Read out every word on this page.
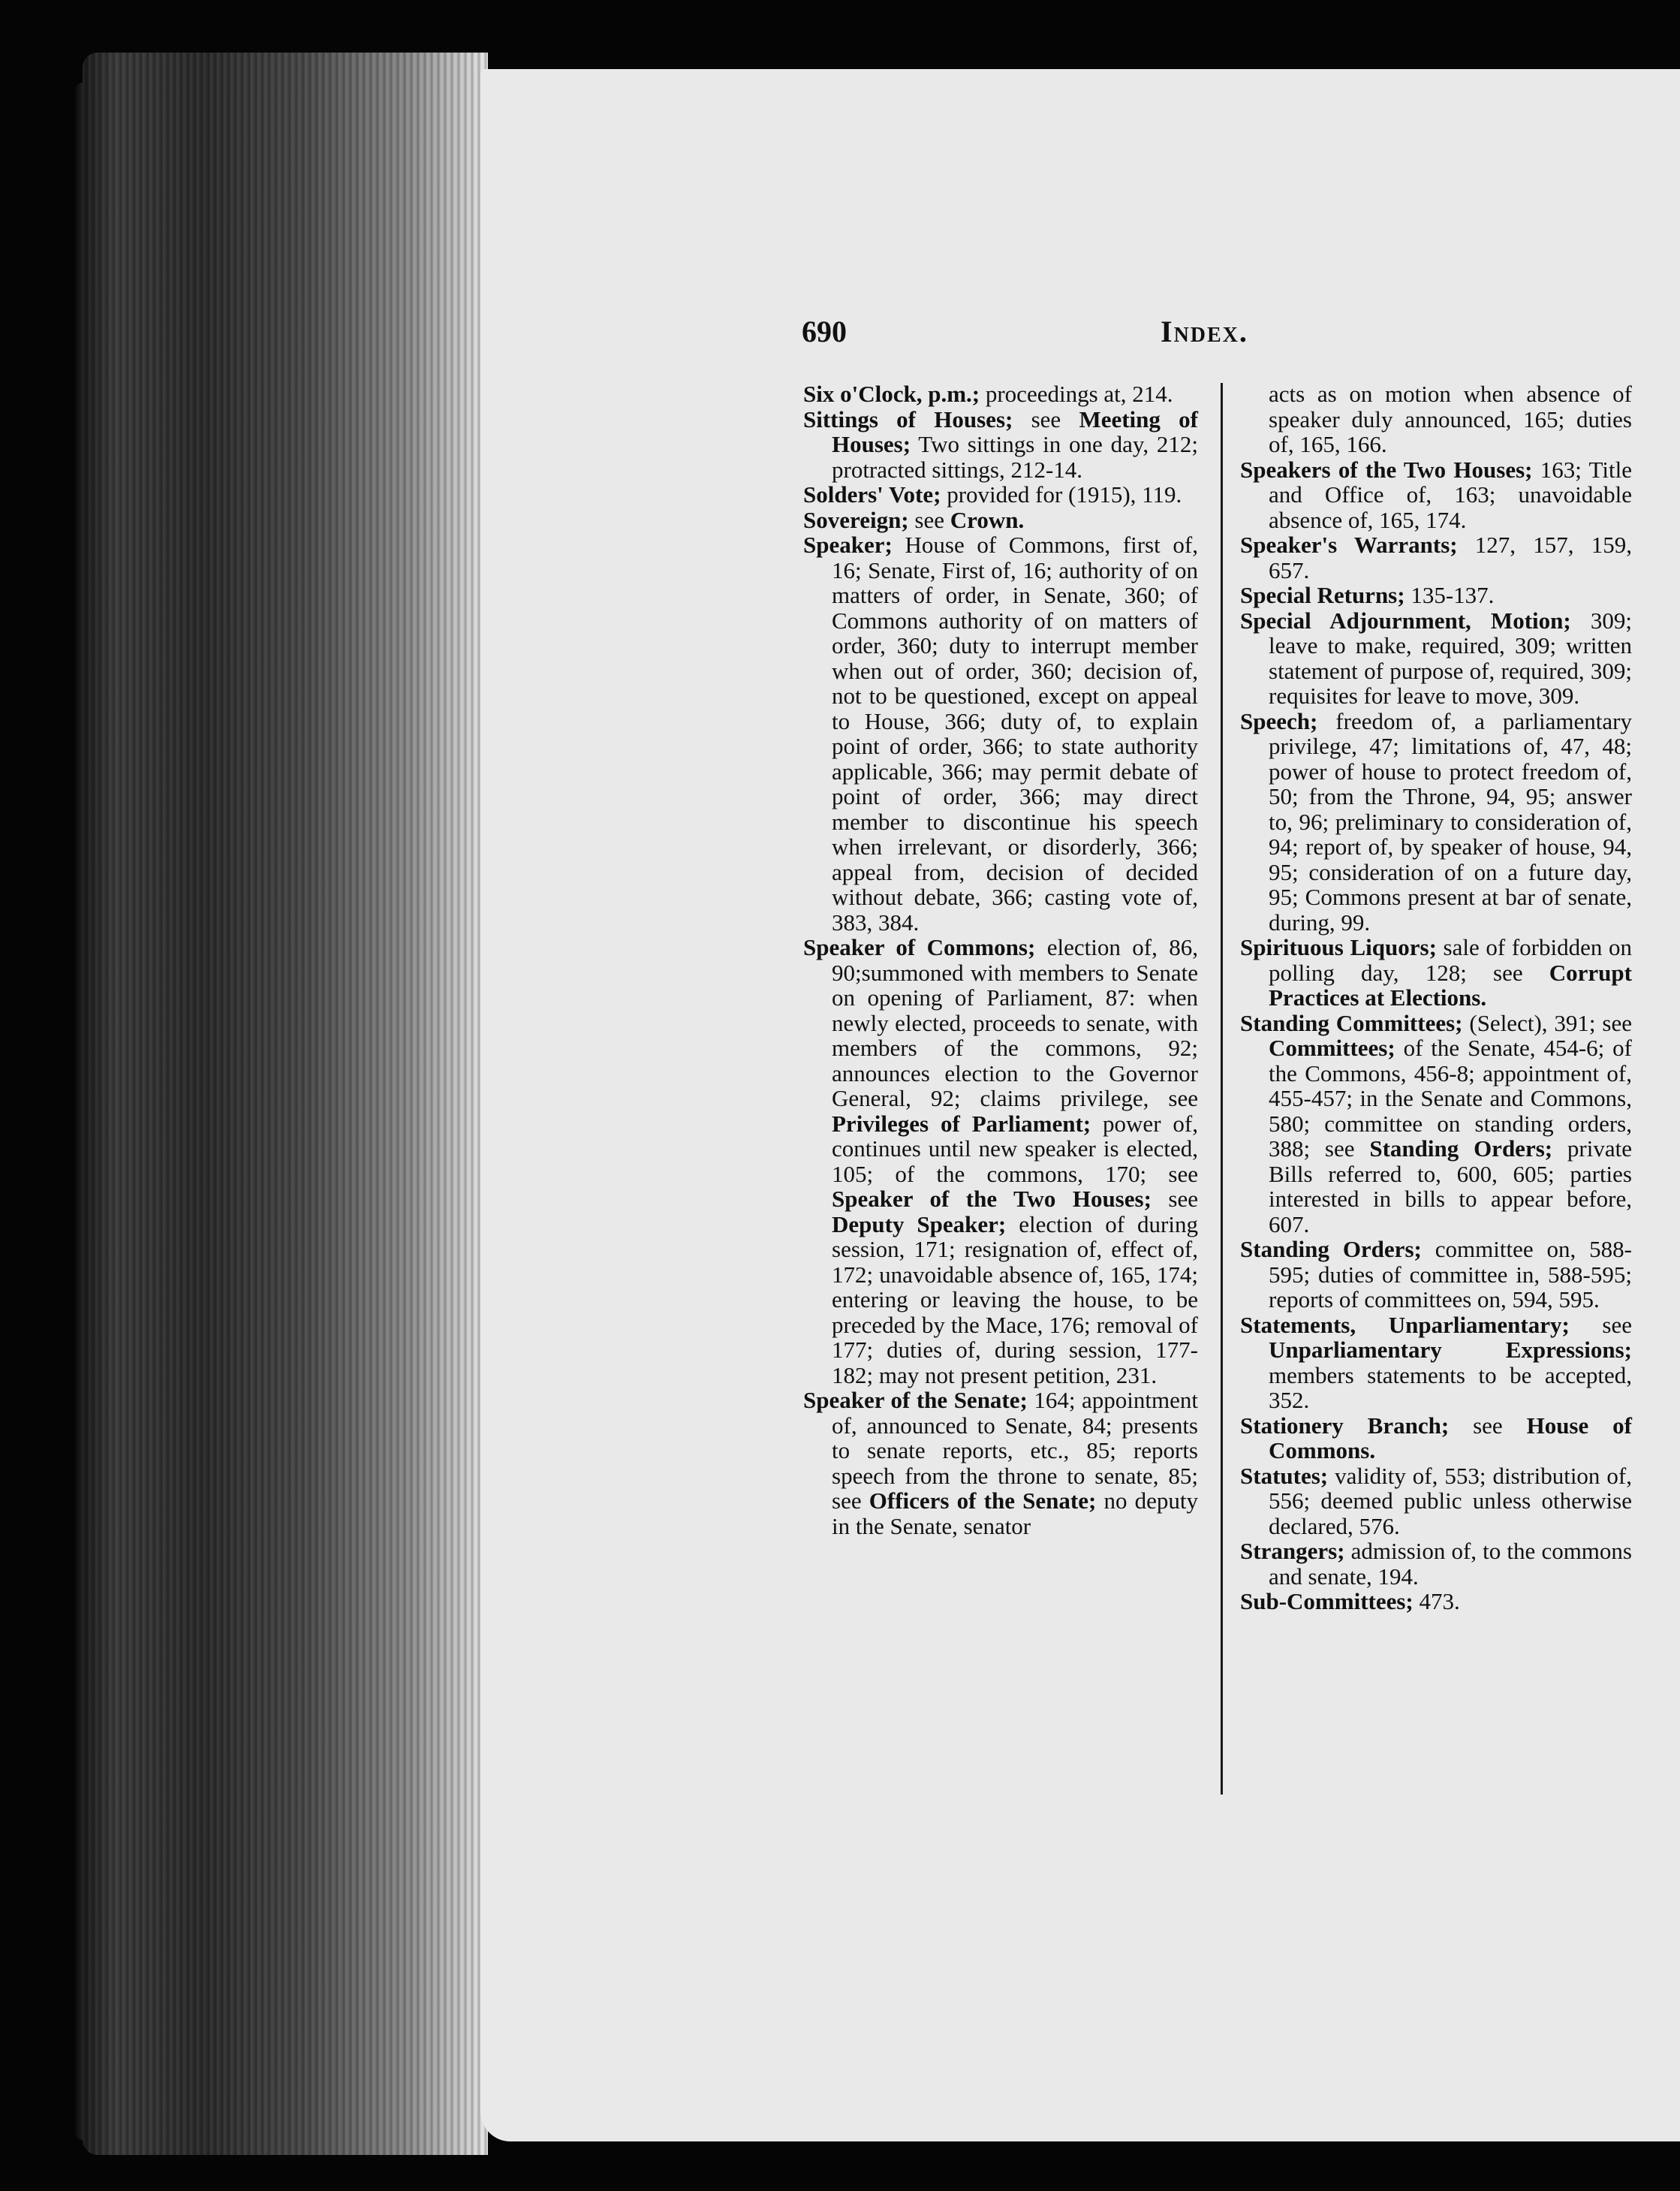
690	Index.

Six o'Clock, p.m.; proceedings at, 214.

Sittings of Houses; see Meeting of Houses; Two sittings in one day, 212; protracted sittings, 212-14.

Solders' Vote; provided for (1915), 119.

Sovereign; see Crown.

Speaker; House of Commons, first of, 16; Senate, First of, 16; authority of on matters of order, in Senate, 360; of Commons authority of on matters of order, 360; duty to interrupt member when out of order, 360; decision of, not to be questioned, except on appeal to House, 366; duty of, to explain point of order, 366; to state authority applicable, 366; may permit debate of point of order, 366; may direct member to discontinue his speech when irrelevant, or disorderly, 366; appeal from, decision of decided without debate, 366; casting vote of, 383, 384.

Speaker of Commons; election of, 86, 90;summoned with members to Senate on opening of Parliament, 87: when newly elected, proceeds to senate, with members of the commons, 92; announces election to the Governor General, 92; claims privilege, see Privileges of Parliament; power of, continues until new speaker is elected, 105; of the commons, 170; see Speaker of the Two Houses; see Deputy Speaker; election of during session, 171; resignation of, effect of, 172; unavoidable absence of, 165, 174; entering or leaving the house, to be preceded by the Mace, 176; removal of 177; duties of, during session, 177-182; may not present petition, 231.

Speaker of the Senate; 164; appointment of, announced to Senate, 84; presents to senate reports, etc., 85; reports speech from the throne to senate, 85; see Officers of the Senate; no deputy in the Senate, senator

acts as on motion when absence of speaker duly announced, 165; duties of, 165, 166.

Speakers of the Two Houses; 163; Title and Office of, 163; unavoidable absence of, 165, 174.

Speaker's Warrants; 127, 157, 159, 657.

Special Returns; 135-137.

Special Adjournment, Motion; 309; leave to make, required, 309; written statement of purpose of, required, 309; requisites for leave to move, 309.

Speech; freedom of, a parliamentary privilege, 47; limitations of, 47, 48; power of house to protect freedom of, 50; from the Throne, 94, 95; answer to, 96; preliminary to consideration of, 94; report of, by speaker of house, 94, 95; consideration of on a future day, 95; Commons present at bar of senate, during, 99.

Spirituous Liquors; sale of forbidden on polling day, 128; see Corrupt Practices at Elections.

Standing Committees; (Select), 391; see Committees; of the Senate, 454-6; of the Commons, 456-8; appointment of, 455-457; in the Senate and Commons, 580; committee on standing orders, 388; see Standing Orders; private Bills referred to, 600, 605; parties interested in bills to appear before, 607.

Standing Orders; committee on, 588-595; duties of committee in, 588-595; reports of committees on, 594, 595.

Statements, Unparliamentary; see Unparliamentary Expressions; members statements to be accepted, 352.

Stationery Branch; see House of Commons.

Statutes; validity of, 553; distribution of, 556; deemed public unless otherwise declared, 576.

Strangers; admission of, to the commons and senate, 194.

Sub-Committees; 473.
